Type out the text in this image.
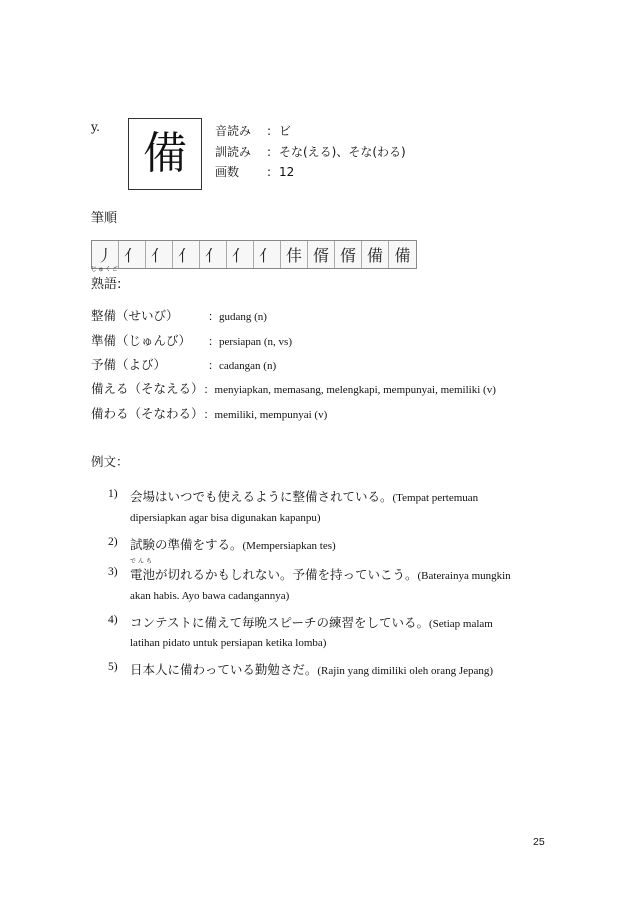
y.
備 音読み : ビ
訓読み : そな(える)、そな(わる)
画数 : 12
筆順
丿 亻 亻 亻 亻 亻 亻 仹 偦 偦 備 備
じゅくご
熟語:
整備（せいび）	：gudang (n)
準備（じゅんび） ：persiapan (n, vs)
予備（よび）	：cadangan (n)
備える（そなえる）：menyiapkan, memasang, melengkapi, mempunyai, memiliki (v)
備わる（そなわる）：memiliki, mempunyai (v)
例文：
1) 会場はいつでも使えるように整備されている。(Tempat pertemuan
dipersiapkan agar bisa digunakan kapanpu)
2) 試験の準備をする。(Mempersiapkan tes)
でんち
3) 電池が切れるかもしれない。予備を持っていこう。(Baterainya mungkin
akan habis. Ayo bawa cadangannya)
4) コンテストに備えて毎晩スピーチの練習をしている。(Setiap malam
latihan pidato untuk persiapan ketika lomba)
5) 日本人に備わっている勤勉さだ。(Rajin yang dimiliki oleh orang Jepang)
25
